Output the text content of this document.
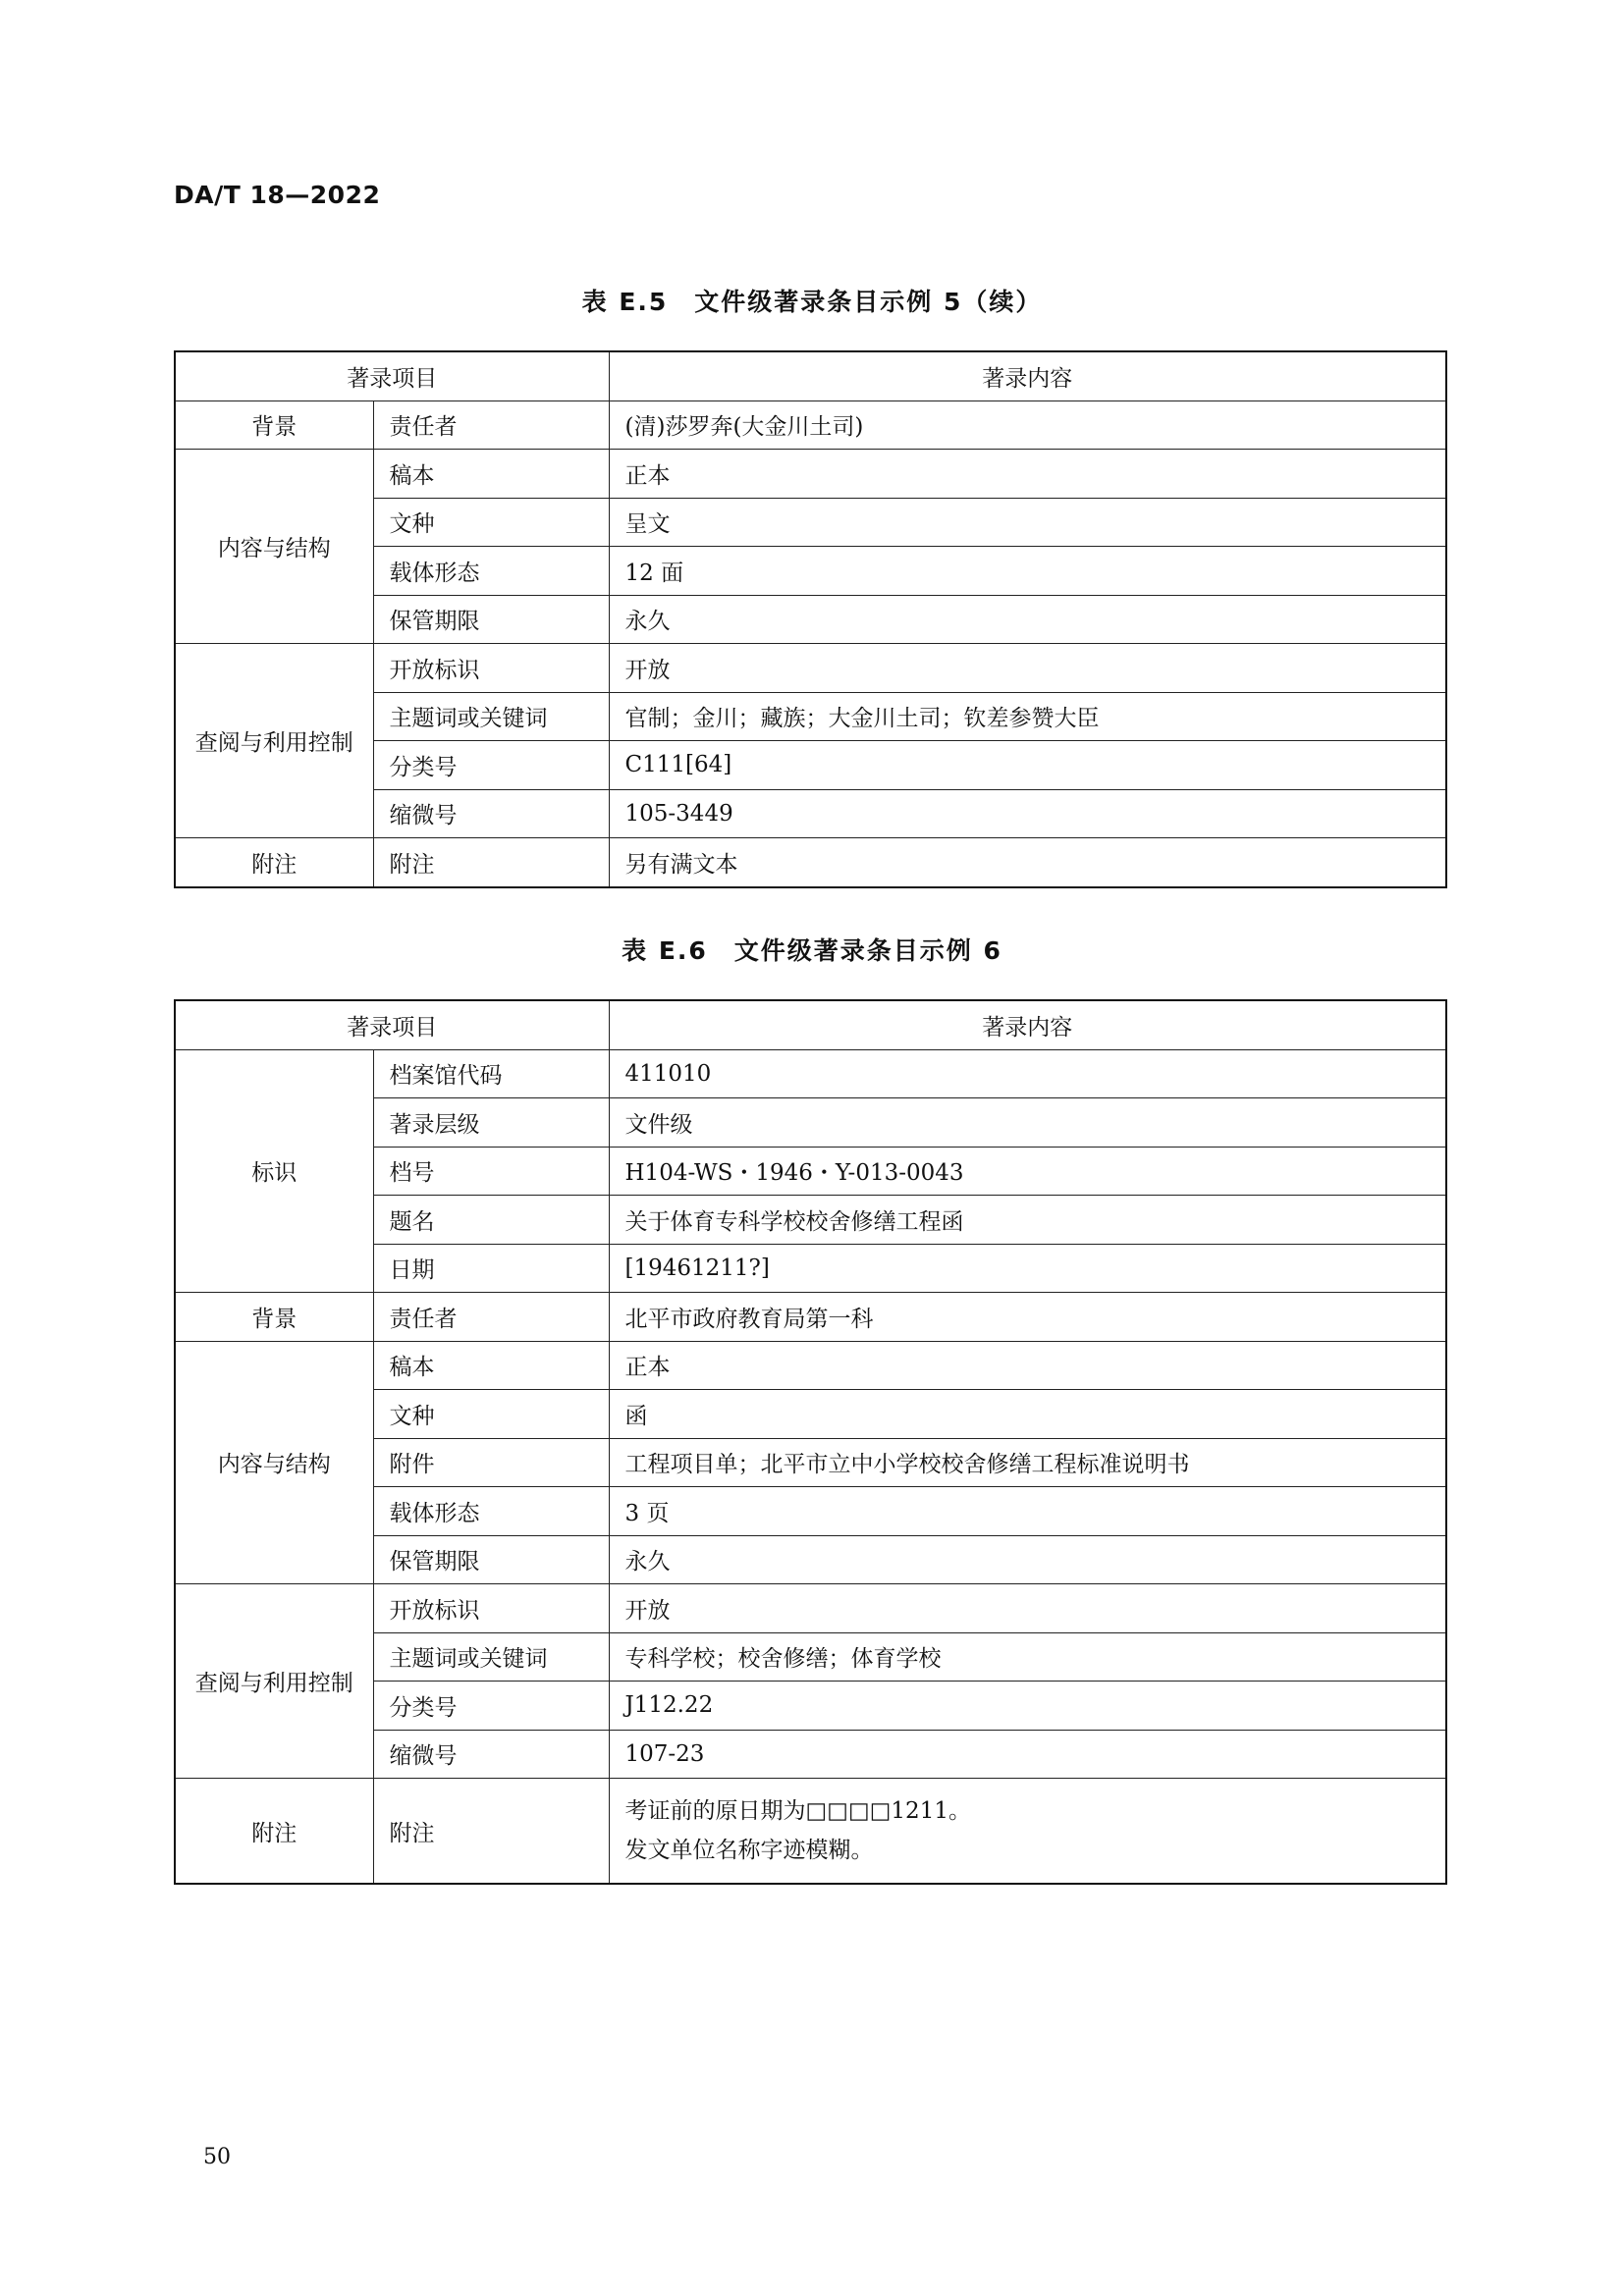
DA/T 18—2022
表 E.5　文件级著录条目示例 5（续）
著录项目		著录内容
背景	责任者	(清)莎罗奔(大金川土司)
内容与结构	稿本	正本
	文种	呈文
	载体形态	12 面
	保管期限	永久
查阅与利用控制	开放标识	开放
	主题词或关键词	官制；金川；藏族；大金川土司；钦差参赞大臣
	分类号	C111[64]
	缩微号	105-3449
附注	附注	另有满文本
表 E.6　文件级著录条目示例 6
著录项目		著录内容
标识	档案馆代码	411010
	著录层级	文件级
	档号	H104-WS・1946・Y-013-0043
	题名	关于体育专科学校校舍修缮工程函
	日期	[19461211?]
背景	责任者	北平市政府教育局第一科
内容与结构	稿本	正本
	文种	函
	附件	工程项目单；北平市立中小学校校舍修缮工程标准说明书
	载体形态	3 页
	保管期限	永久
查阅与利用控制	开放标识	开放
	主题词或关键词	专科学校；校舍修缮；体育学校
	分类号	J112.22
	缩微号	107-23
附注	附注	考证前的原日期为□□□□1211。
发文单位名称字迹模糊。
50
